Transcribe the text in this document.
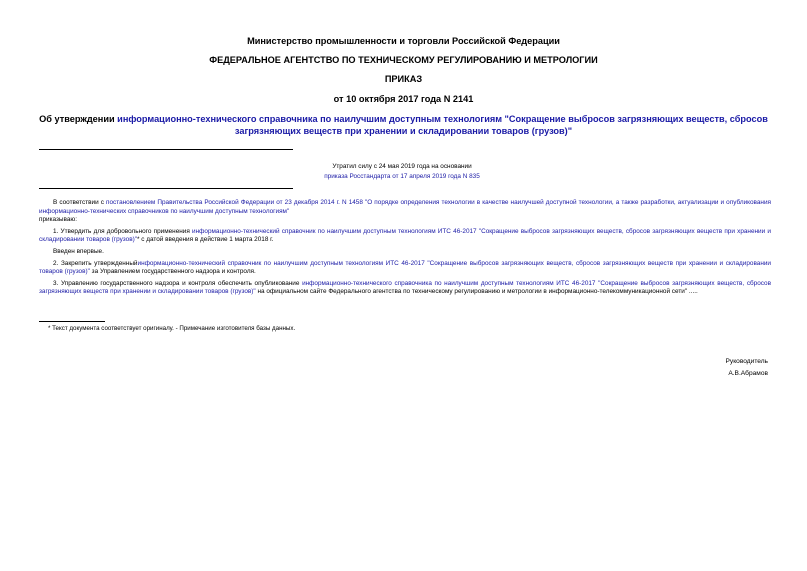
Министерство промышленности и торговли Российской Федерации
ФЕДЕРАЛЬНОЕ АГЕНТСТВО ПО ТЕХНИЧЕСКОМУ РЕГУЛИРОВАНИЮ И МЕТРОЛОГИИ
ПРИКАЗ
от 10 октября 2017 года N 2141
Об утверждении информационно-технического справочника по наилучшим доступным технологиям "Сокращение выбросов загрязняющих веществ, сбросов загрязняющих веществ при хранении и складировании товаров (грузов)"
Утратил силу с 24 мая 2019 года на основании
приказа Росстандарта от 17 апреля 2019 года N 835

В соответствии с постановлением Правительства Российской Федерации от 23 декабря 2014 г. N 1458 "О порядке определения технологии в качестве наилучшей доступной технологии, а также разработки, актуализации и опубликования информационно-технических справочников по наилучшим доступным технологиям"

приказываю:

1. Утвердить для добровольного применения информационно-технический справочник по наилучшим доступным технологиям ИТС 46-2017 "Сокращение выбросов загрязняющих веществ, сбросов загрязняющих веществ при хранении и складировании товаров (грузов)"* с датой введения в действие 1 марта 2018 г.

Введен впервые.

2. Закрепить утвержденныйинформационно-технический справочник по наилучшим доступным технологиям ИТС 46-2017 "Сокращение выбросов загрязняющих веществ, сбросов загрязняющих веществ при хранении и складировании товаров (грузов)" за Управлением государственного надзора и контроля.

3. Управлению государственного надзора и контроля обеспечить опубликование информационно-технического справочника по наилучшим доступным технологиям ИТС 46-2017 "Сокращение выбросов загрязняющих веществ, сбросов загрязняющих веществ при хранении и складировании товаров (грузов)" на официальном сайте Федерального агентства по техническому регулированию и метрологии в информационно-телекоммуникационной сети" .....

* Текст документа соответствует оригиналу. - Примечание изготовителя базы данных.
Руководитель
А.В.Абрамов
